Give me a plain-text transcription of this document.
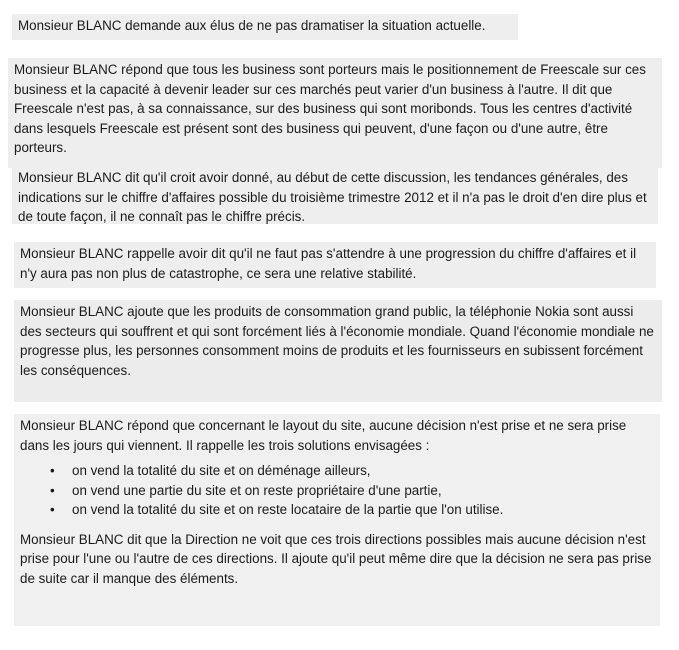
Monsieur BLANC demande aux élus de ne pas dramatiser la situation actuelle.

Monsieur BLANC répond que tous les business sont porteurs mais le positionnement de Freescale sur ces business et la capacité à devenir leader sur ces marchés peut varier d'un business à l'autre. Il dit que Freescale n'est pas, à sa connaissance, sur des business qui sont moribonds. Tous les centres d'activité dans lesquels Freescale est présent sont des business qui peuvent, d'une façon ou d'une autre, être porteurs.

Monsieur BLANC dit qu'il croit avoir donné, au début de cette discussion, les tendances générales, des indications sur le chiffre d'affaires possible du troisième trimestre 2012 et il n'a pas le droit d'en dire plus et de toute façon, il ne connaît pas le chiffre précis.

Monsieur BLANC rappelle avoir dit qu'il ne faut pas s'attendre à une progression du chiffre d'affaires et il n'y aura pas non plus de catastrophe, ce sera une relative stabilité.

Monsieur BLANC ajoute que les produits de consommation grand public, la téléphonie Nokia sont aussi des secteurs qui souffrent et qui sont forcément liés à l'économie mondiale. Quand l'économie mondiale ne progresse plus, les personnes consomment moins de produits et les fournisseurs en subissent forcément les conséquences.

Monsieur BLANC répond que concernant le layout du site, aucune décision n'est prise et ne sera prise dans les jours qui viennent. Il rappelle les trois solutions envisagées :

• on vend la totalité du site et on déménage ailleurs,
• on vend une partie du site et on reste propriétaire d'une partie,
• on vend la totalité du site et on reste locataire de la partie que l'on utilise.

Monsieur BLANC dit que la Direction ne voit que ces trois directions possibles mais aucune décision n'est prise pour l'une ou l'autre de ces directions. Il ajoute qu'il peut même dire que la décision ne sera pas prise de suite car il manque des éléments.
